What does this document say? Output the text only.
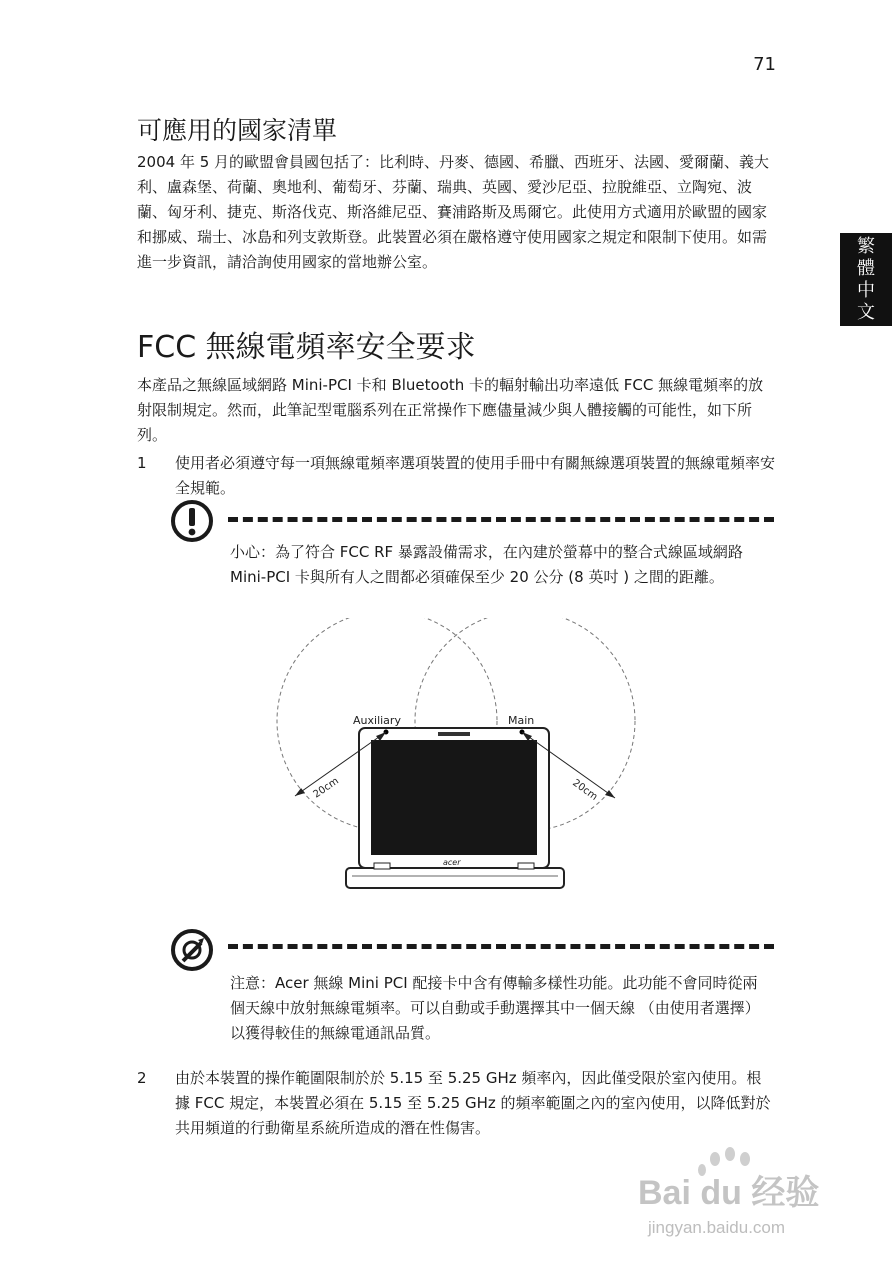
71
繁
體
中
文
可應用的國家清單

2004 年 5 月的歐盟會員國包括了：比利時、丹麥、德國、希臘、西班牙、法國、愛爾蘭、義大利、盧森堡、荷蘭、奧地利、葡萄牙、芬蘭、瑞典、英國、愛沙尼亞、拉脫維亞、立陶宛、波蘭、匈牙利、捷克、斯洛伐克、斯洛維尼亞、賽浦路斯及馬爾它。此使用方式適用於歐盟的國家和挪威、瑞士、冰島和列支敦斯登。此裝置必須在嚴格遵守使用國家之規定和限制下使用。如需進一步資訊，請洽詢使用國家的當地辦公室。

FCC 無線電頻率安全要求

本產品之無線區域網路 Mini-PCI 卡和 Bluetooth 卡的輻射輸出功率遠低 FCC 無線電頻率的放射限制規定。然而，此筆記型電腦系列在正常操作下應儘量減少與人體接觸的可能性，如下所列。

1 使用者必須遵守每一項無線電頻率選項裝置的使用手冊中有關無線選項裝置的無線電頻率安全規範。

小心：為了符合 FCC RF 暴露設備需求，在內建於螢幕中的整合式線區域網路 Mini-PCI 卡與所有人之間都必須確保至少 20 公分 (8 英吋 ) 之間的距離。

Auxiliary	Main
20cm	20cm
acer

注意：Acer 無線 Mini PCI 配接卡中含有傳輸多樣性功能。此功能不會同時從兩個天線中放射無線電頻率。可以自動或手動選擇其中一個天線 （由使用者選擇）以獲得較佳的無線電通訊品質。

2 由於本裝置的操作範圍限制於於 5.15 至 5.25 GHz 頻率內，因此僅受限於室內使用。根據 FCC 規定，本裝置必須在 5.15 至 5.25 GHz 的頻率範圍之內的室內使用，以降低對於共用頻道的行動衛星系統所造成的潛在性傷害。

Bai du 经验
jingyan.baidu.com
